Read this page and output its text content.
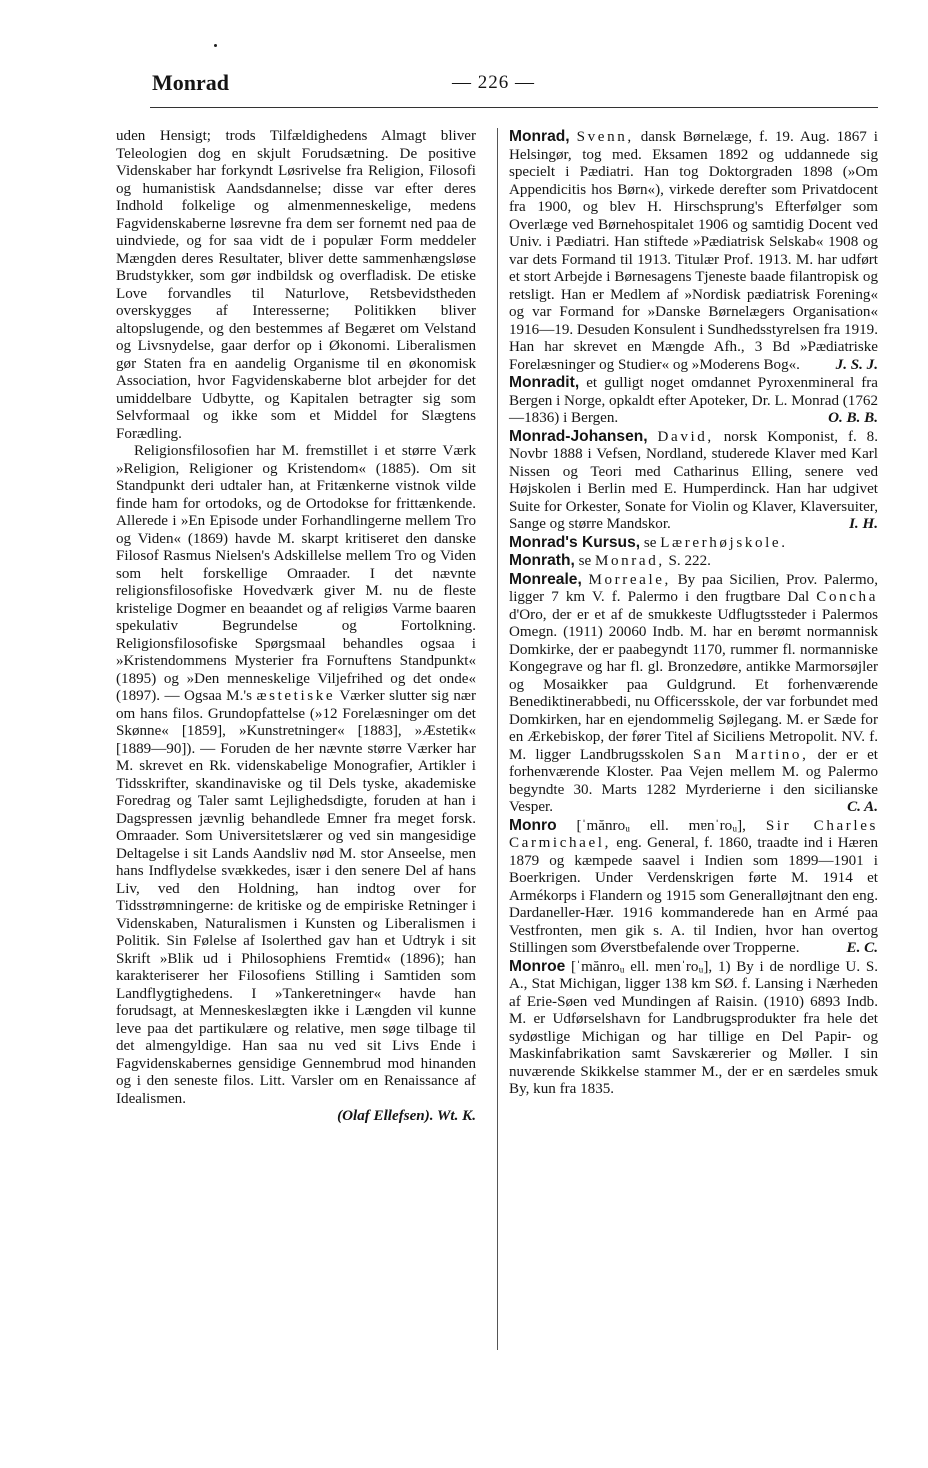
Monrad	— 226 —

uden Hensigt; trods Tilfældighedens Almagt bliver Teleologien dog en skjult Forudsætning. De positive Videnskaber har forkyndt Løsrivelse fra Religion, Filosofi og humanistisk Aandsdannelse; disse var efter deres Indhold folkelige og almenmenneskelige, medens Fagvidenskaberne løsrevne fra dem ser fornemt ned paa de uindviede, og for saa vidt de i populær Form meddeler Mængden deres Resultater, bliver dette sammenhængsløse Brudstykker, som gør indbildsk og overfladisk. De etiske Love forvandles til Naturlove, Retsbevidstheden overskygges af Interesserne; Politikken bliver altopslugende, og den bestemmes af Begæret om Velstand og Livsnydelse, gaar derfor op i Økonomi. Liberalismen gør Staten fra en aandelig Organisme til en økonomisk Association, hvor Fagvidenskaberne blot arbejder for det umiddelbare Udbytte, og Kapitalen betragter sig som Selvformaal og ikke som et Middel for Slægtens Forædling.

Religionsfilosofien har M. fremstillet i et større Værk »Religion, Religioner og Kristendom« (1885). Om sit Standpunkt deri udtaler han, at Fritænkerne vistnok vilde finde ham for ortodoks, og de Ortodokse for frittænkende. Allerede i »En Episode under Forhandlingerne mellem Tro og Viden« (1869) havde M. skarpt kritiseret den danske Filosof Rasmus Nielsen's Adskillelse mellem Tro og Viden som helt forskellige Omraader. I det nævnte religionsfilosofiske Hovedværk giver M. nu de fleste kristelige Dogmer en beaandet og af religiøs Varme baaren spekulativ Begrundelse og Fortolkning. Religionsfilosofiske Spørgsmaal behandles ogsaa i »Kristendommens Mysterier fra Fornuftens Standpunkt« (1895) og »Den menneskelige Viljefrihed og det onde« (1897). — Ogsaa M.'s æstetiske Værker slutter sig nær om hans filos. Grundopfattelse (»12 Forelæsninger om det Skønne« [1859], »Kunstretninger« [1883], »Æstetik« [1889—90]). — Foruden de her nævnte større Værker har M. skrevet en Rk. videnskabelige Monografier, Artikler i Tidsskrifter, skandinaviske og til Dels tyske, akademiske Foredrag og Taler samt Lejlighedsdigte, foruden at han i Dagspressen jævnlig behandlede Emner fra meget forsk. Omraader. Som Universitetslærer og ved sin mangesidige Deltagelse i sit Lands Aandsliv nød M. stor Anseelse, men hans Indflydelse svækkedes, især i den senere Del af hans Liv, ved den Holdning, han indtog over for Tidsstrømningerne: de kritiske og de empiriske Retninger i Videnskaben, Naturalismen i Kunsten og Liberalismen i Politik. Sin Følelse af Isolerthed gav han et Udtryk i sit Skrift »Blik ud i Philosophiens Fremtid« (1896); han karakteriserer her Filosofiens Stilling i Samtiden som Landflygtighedens. I »Tankeretninger« havde han forudsagt, at Menneskeslægten ikke i Længden vil kunne leve paa det partikulære og relative, men søge tilbage til det almengyldige. Han saa nu ved sit Livs Ende i Fagvidenskabernes gensidige Gennembrud mod hinanden og i den seneste filos. Litt. Varsler om en Renaissance af Idealismen.

(Olaf Ellefsen). Wt. K.

Monrad, Svenn, dansk Børnelæge, f. 19. Aug. 1867 i Helsingør, tog med. Eksamen 1892 og uddannede sig specielt i Pædiatri. Han tog Doktorgraden 1898 (»Om Appendicitis hos Børn«), virkede derefter som Privatdocent fra 1900, og blev H. Hirschsprung's Efterfølger som Overlæge ved Børnehospitalet 1906 og samtidig Docent ved Univ. i Pædiatri. Han stiftede »Pædiatrisk Selskab« 1908 og var dets Formand til 1913. Titulær Prof. 1913. M. har udført et stort Arbejde i Børnesagens Tjeneste baade filantropisk og retsligt. Han er Medlem af »Nordisk pædiatrisk Forening« og var Formand for »Danske Børnelægers Organisation« 1916—19. Desuden Konsulent i Sundhedsstyrelsen fra 1919. Han har skrevet en Mængde Afh., 3 Bd »Pædiatriske Forelæsninger og Studier« og »Moderens Bog«.	J. S. J.

Monradit, et gulligt noget omdannet Pyroxenmineral fra Bergen i Norge, opkaldt efter Apoteker, Dr. L. Monrad (1762—1836) i Bergen.	O. B. B.

Monrad-Johansen, David, norsk Komponist, f. 8. Novbr 1888 i Vefsen, Nordland, studerede Klaver med Karl Nissen og Teori med Catharinus Elling, senere ved Højskolen i Berlin med E. Humperdinck. Han har udgivet Suite for Orkester, Sonate for Violin og Klaver, Klaversuiter, Sange og større Mandskor.	I. H.

Monrad's Kursus, se Lærerhøjskole.

Monrath, se Monrad, S. 222.

Monreale, Morreale, By paa Sicilien, Prov. Palermo, ligger 7 km V. f. Palermo i den frugtbare Dal Concha d'Oro, der er et af de smukkeste Udflugtssteder i Palermos Omegn. (1911) 20060 Indb. M. har en berømt normannisk Domkirke, der er paabegyndt 1170, rummer fl. normanniske Kongegrave og har fl. gl. Bronzedøre, antikke Marmorsøjler og Mosaikker paa Guldgrund. Et forhenværende Benediktinerabbedi, nu Officersskole, der var forbundet med Domkirken, har en ejendommelig Søjlegang. M. er Sæde for en Ærkebiskop, der fører Titel af Siciliens Metropolit. NV. f. M. ligger Landbrugsskolen San Martino, der er et forhenværende Kloster. Paa Vejen mellem M. og Palermo begyndte 30. Marts 1282 Myrderierne i den sicilianske Vesper.	C. A.

Monro [ˈmănroᵤ ell. mɐnˈroᵤ], Sir Charles Carmichael, eng. General, f. 1860, traadte ind i Hæren 1879 og kæmpede saavel i Indien som 1899—1901 i Boerkrigen. Under Verdenskrigen førte M. 1914 et Armékorps i Flandern og 1915 som Generalløjtnant den eng. Dardaneller-Hær. 1916 kommanderede han en Armé paa Vestfronten, men gik s. A. til Indien, hvor han overtog Stillingen som Øverstbefalende over Tropperne.	E. C.

Monroe [ˈmănroᵤ ell. mɐnˈroᵤ], 1) By i de nordlige U. S. A., Stat Michigan, ligger 138 km SØ. f. Lansing i Nærheden af Erie-Søen ved Mundingen af Raisin. (1910) 6893 Indb. M. er Udførselshavn for Landbrugsprodukter fra hele det sydøstlige Michigan og har tillige en Del Papir- og Maskinfabrikation samt Savskærerier og Møller. I sin nuværende Skikkelse stammer M., der er en særdeles smuk By, kun fra 1835.
